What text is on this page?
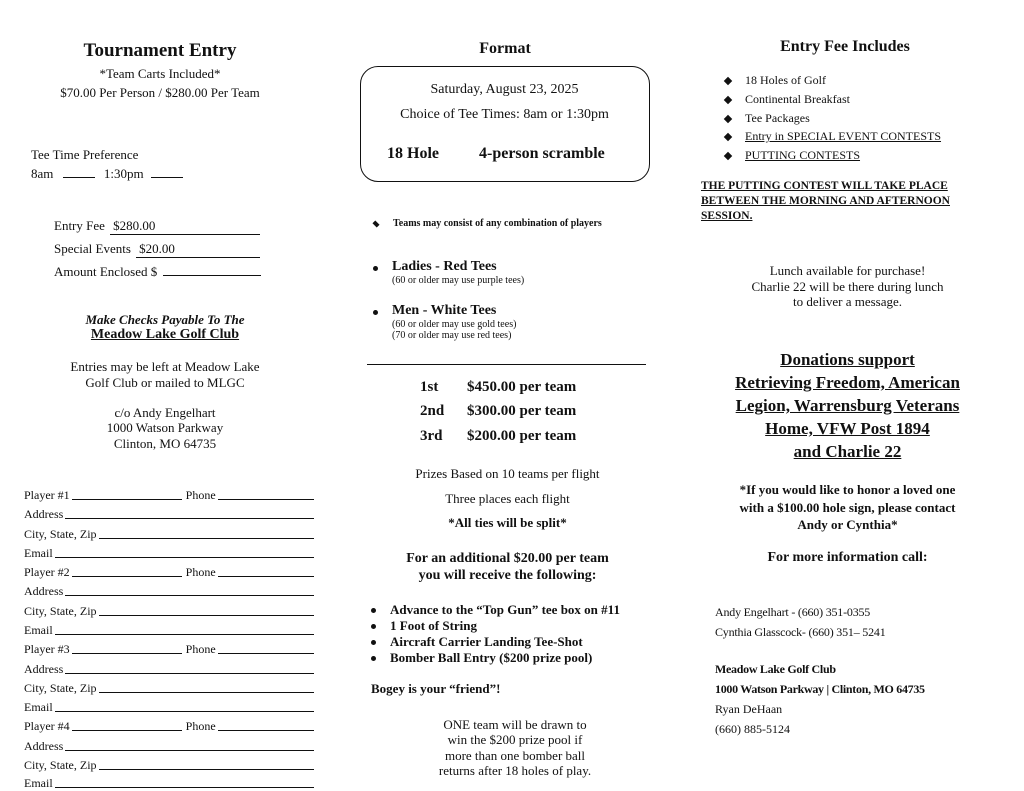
Tournament Entry
*Team Carts Included*
$70.00 Per Person / $280.00 Per Team
Tee Time Preference
8am	1:30pm
Entry Fee $280.00
Special Events $20.00
Amount Enclosed $
Make Checks Payable To The
Meadow Lake Golf Club
Entries may be left at Meadow Lake
Golf Club or mailed to MLGC
c/o Andy Engelhart
1000 Watson Parkway
Clinton, MO 64735
Player #1	Phone
Address
City, State, Zip
Email
Player #2	Phone
Address
City, State, Zip
Email
Player #3	Phone
Address
City, State, Zip
Email
Player #4	Phone
Address
City, State, Zip
Email
Format
Saturday, August 23, 2025
Choice of Tee Times: 8am or 1:30pm
18 Hole	4-person scramble
Teams may consist of any combination of players
Ladies - Red Tees
(60 or older may use purple tees)
Men - White Tees
(60 or older may use gold tees)
(70 or older may use red tees)
1st $450.00 per team
2nd $300.00 per team
3rd $200.00 per team
Prizes Based on 10 teams per flight
Three places each flight
*All ties will be split*
For an additional $20.00 per team
you will receive the following:
Advance to the “Top Gun” tee box on #11
1 Foot of String
Aircraft Carrier Landing Tee-Shot
Bomber Ball Entry ($200 prize pool)
Bogey is your “friend”!
ONE team will be drawn to
win the $200 prize pool if
more than one bomber ball
returns after 18 holes of play.
Entry Fee Includes
18 Holes of Golf
Continental Breakfast
Tee Packages
Entry in SPECIAL EVENT CONTESTS
PUTTING CONTESTS
THE PUTTING CONTEST WILL TAKE PLACE
BETWEEN THE MORNING AND AFTERNOON
SESSION.
Lunch available for purchase!
Charlie 22 will be there during lunch
to deliver a message.
Donations support
Retrieving Freedom, American
Legion, Warrensburg Veterans
Home, VFW Post 1894
and Charlie 22
*If you would like to honor a loved one
with a $100.00 hole sign, please contact
Andy or Cynthia*
For more information call:
Andy Engelhart - (660) 351-0355
Cynthia Glasscock- (660) 351– 5241
Meadow Lake Golf Club
1000 Watson Parkway | Clinton, MO 64735
Ryan DeHaan
(660) 885-5124
